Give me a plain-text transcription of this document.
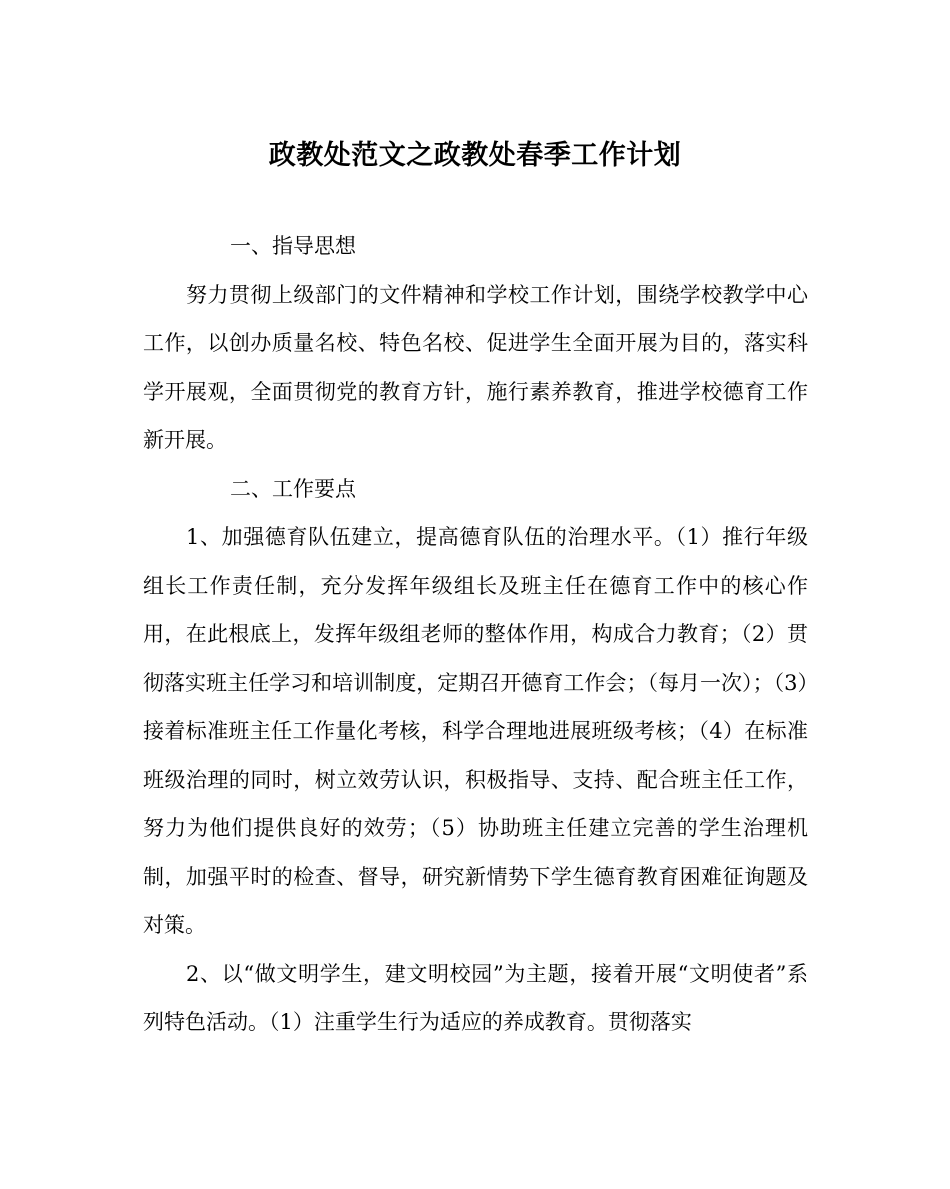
政教处范文之政教处春季工作计划

一、指导思想

努力贯彻上级部门的文件精神和学校工作计划，围绕学校教学中心工作，以创办质量名校、特色名校、促进学生全面开展为目的，落实科学开展观，全面贯彻党的教育方针，施行素养教育，推进学校德育工作新开展。

二、工作要点

1、加强德育队伍建立，提高德育队伍的治理水平。（1）推行年级组长工作责任制，充分发挥年级组长及班主任在德育工作中的核心作用，在此根底上，发挥年级组老师的整体作用，构成合力教育；（2）贯彻落实班主任学习和培训制度，定期召开德育工作会；（每月一次）；（3）接着标准班主任工作量化考核，科学合理地进展班级考核；（4）在标准班级治理的同时，树立效劳认识，积极指导、支持、配合班主任工作，努力为他们提供良好的效劳；（5）协助班主任建立完善的学生治理机制，加强平时的检查、督导，研究新情势下学生德育教育困难征询题及对策。

2、以“做文明学生，建文明校园”为主题，接着开展“文明使者”系列特色活动。（1）注重学生行为适应的养成教育。贯彻落实
